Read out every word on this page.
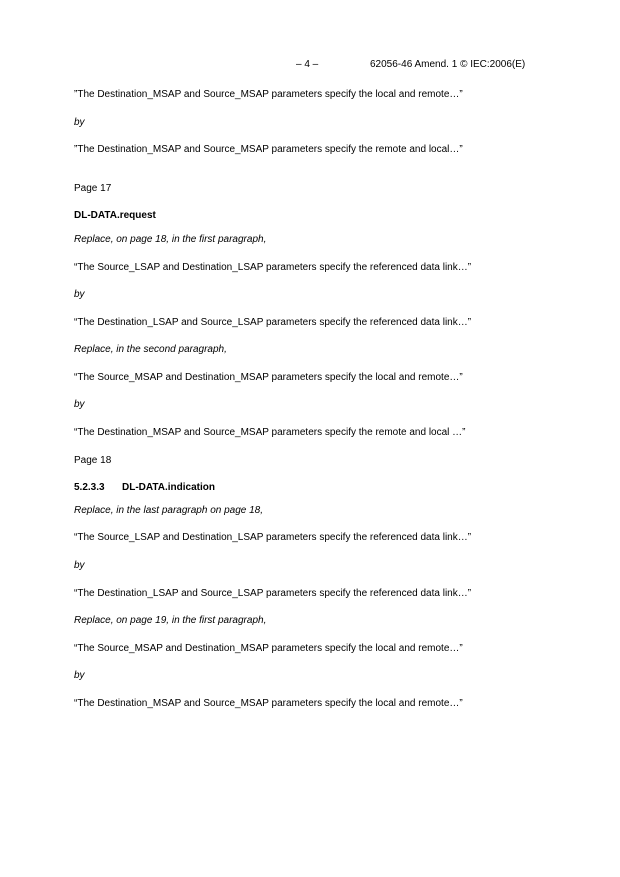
– 4 –	62056-46 Amend. 1 © IEC:2006(E)
”The Destination_MSAP and Source_MSAP parameters specify the local and remote…”
by
”The Destination_MSAP and Source_MSAP parameters specify the remote and local…”
Page 17
DL-DATA.request
Replace, on page 18, in the first paragraph,
“The Source_LSAP and Destination_LSAP parameters specify the referenced data link…”
by
“The Destination_LSAP and Source_LSAP parameters specify the referenced data link…”
Replace, in the second paragraph,
“The Source_MSAP and Destination_MSAP parameters specify the local and remote…”
by
“The Destination_MSAP and Source_MSAP parameters specify the remote and local …”
Page 18
5.2.3.3 DL-DATA.indication
Replace, in the last paragraph on page 18,
“The Source_LSAP and Destination_LSAP parameters specify the referenced data link…”
by
“The Destination_LSAP and Source_LSAP parameters specify the referenced data link…”
Replace, on page 19, in the first paragraph,
“The Source_MSAP and Destination_MSAP parameters specify the local and remote…”
by
“The Destination_MSAP and Source_MSAP parameters specify the local and remote…”
